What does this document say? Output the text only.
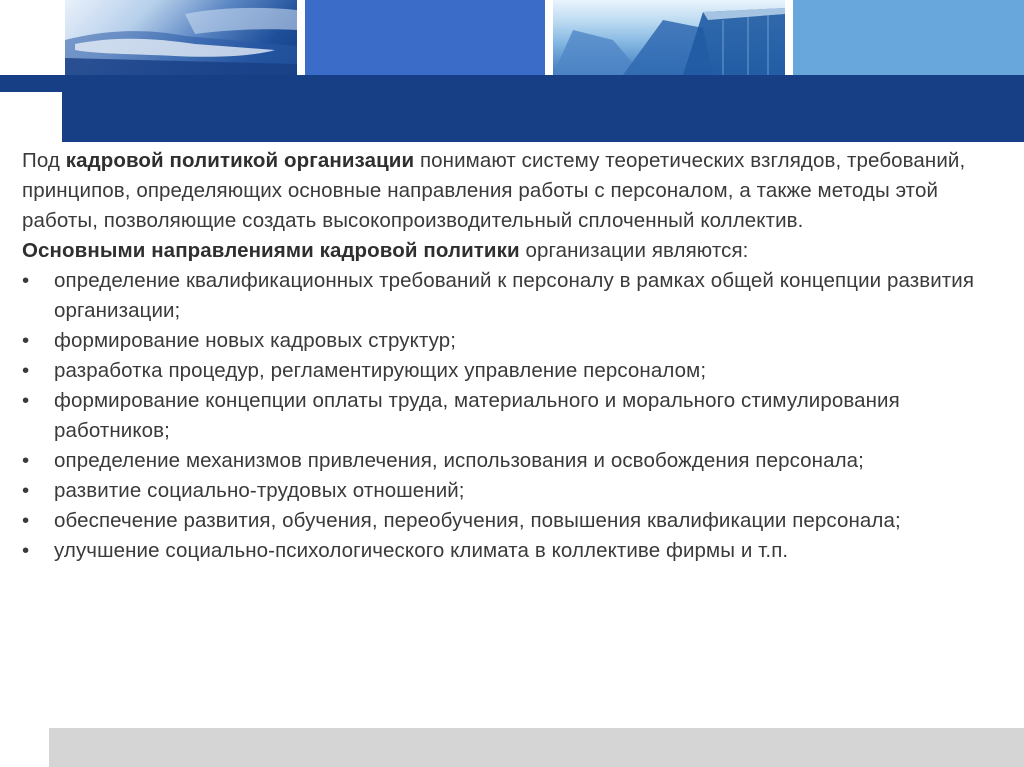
Под кадровой политикой организации понимают систему теоретических взглядов, требований, принципов, определяющих основные направления работы с персоналом, а также методы этой работы, позволяющие создать высокопроизводительный сплоченный коллектив.

Основными направлениями кадровой политики организации являются:

• определение квалификационных требований к персоналу в рамках общей концепции развития организации;
• формирование новых кадровых структур;
• разработка процедур, регламентирующих управление персоналом;
• формирование концепции оплаты труда, материального и морального стимулирования работников;
• определение механизмов привлечения, использования и освобождения персонала;
• развитие социально-трудовых отношений;
• обеспечение развития, обучения, переобучения, повышения квалификации персонала;
• улучшение социально-психологического климата в коллективе фирмы и т.п.
